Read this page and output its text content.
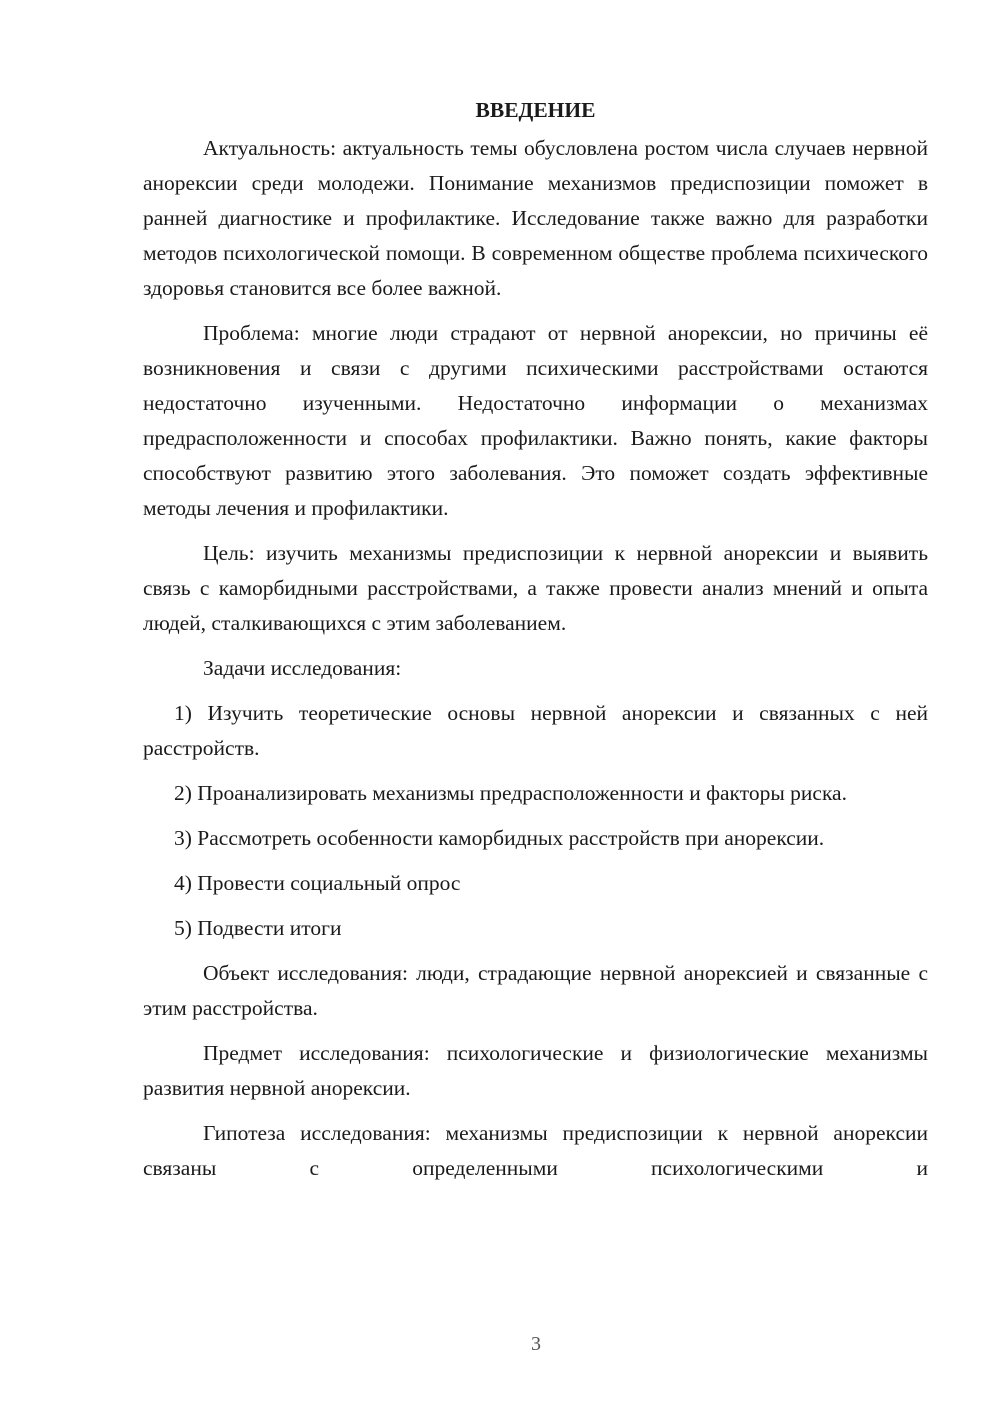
ВВЕДЕНИЕ

Актуальность: актуальность темы обусловлена ростом числа случаев нервной анорексии среди молодежи. Понимание механизмов предиспозиции поможет в ранней диагностике и профилактике. Исследование также важно для разработки методов психологической помощи. В современном обществе проблема психического здоровья становится все более важной.

Проблема: многие люди страдают от нервной анорексии, но причины её возникновения и связи с другими психическими расстройствами остаются недостаточно изученными. Недостаточно информации о механизмах предрасположенности и способах профилактики. Важно понять, какие факторы способствуют развитию этого заболевания. Это поможет создать эффективные методы лечения и профилактики.

Цель: изучить механизмы предиспозиции к нервной анорексии и выявить связь с каморбидными расстройствами, а также провести анализ мнений и опыта людей, сталкивающихся с этим заболеванием.

Задачи исследования:

1) Изучить теоретические основы нервной анорексии и связанных с ней расстройств.

2) Проанализировать механизмы предрасположенности и факторы риска.

3) Рассмотреть особенности каморбидных расстройств при анорексии.

4) Провести социальный опрос

5) Подвести итоги

Объект исследования: люди, страдающие нервной анорексией и связанные с этим расстройства.

Предмет исследования: психологические и физиологические механизмы развития нервной анорексии.

Гипотеза исследования: механизмы предиспозиции к нервной анорексии связаны с определенными психологическими и

3
